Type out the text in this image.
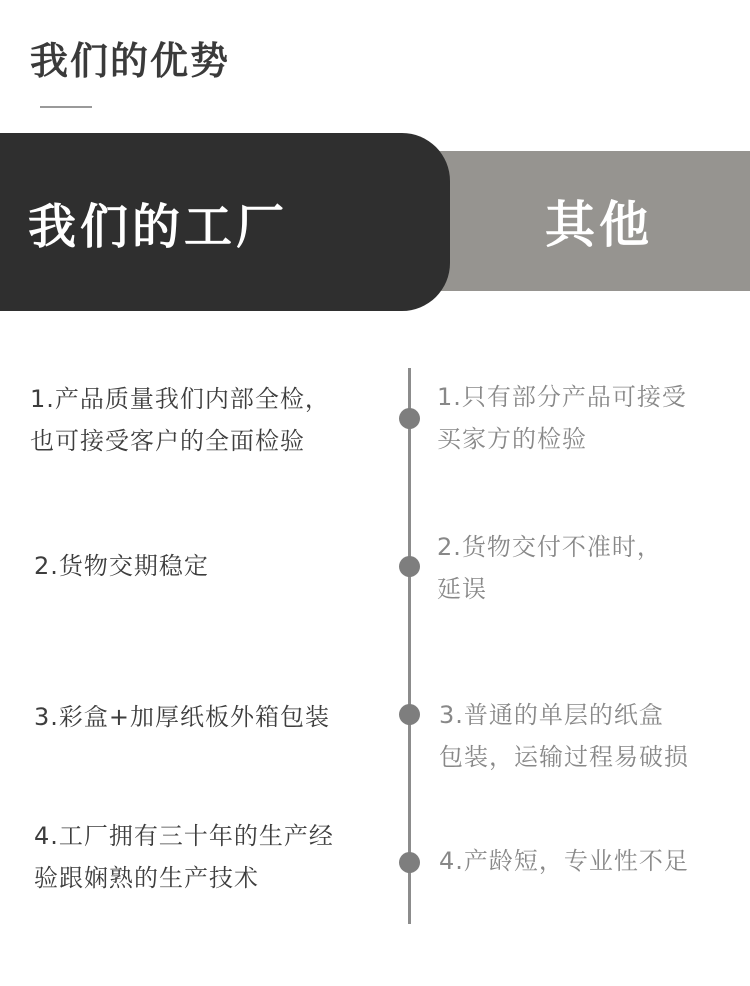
我们的优势
其他
我们的工厂
1.产品质量我们内部全检，
也可接受客户的全面检验
1.只有部分产品可接受
买家方的检验
2.货物交期稳定
2.货物交付不准时，
延误
3.彩盒+加厚纸板外箱包装	3.普通的单层的纸盒
包装，运输过程易破损
4.工厂拥有三十年的生产经
验跟娴熟的生产技术
4.产龄短，专业性不足
